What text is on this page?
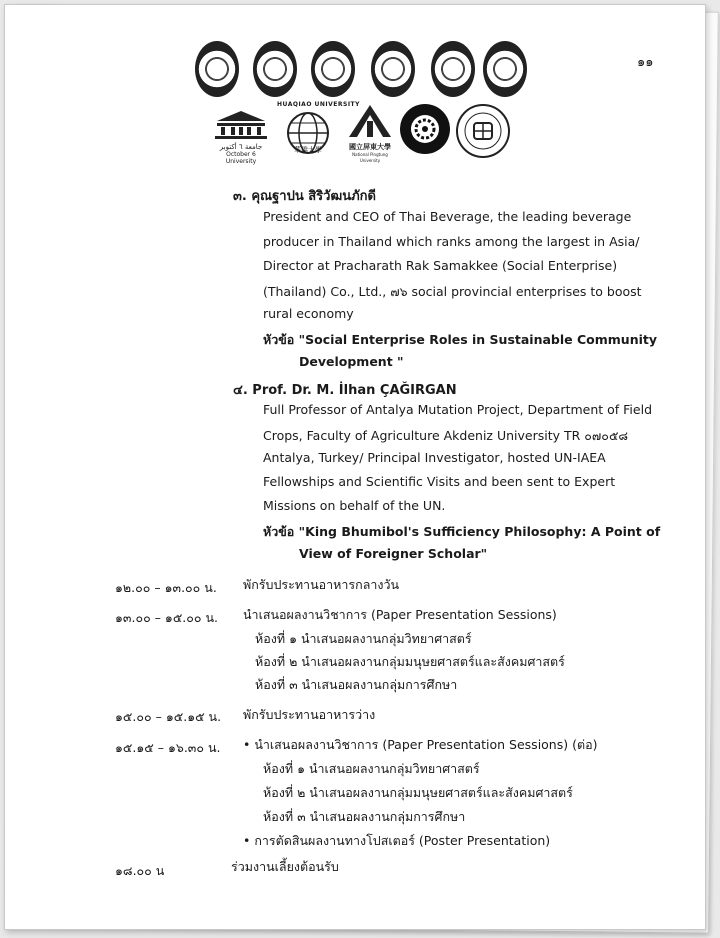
๑๑
جامعة ٦ أكتوبر
October 6 University
HUAQIAO UNIVERSITY
華僑大學	國立屏東大學
National Pingtung University
๓. คุณฐาปน สิริวัฒนภักดี
President and CEO of Thai Beverage, the leading beverage
producer in Thailand which ranks among the largest in Asia/
Director at Pracharath Rak Samakkee (Social Enterprise)
(Thailand) Co., Ltd., ๗๖ social provincial enterprises to boost
rural economy
หัวข้อ "Social Enterprise Roles in Sustainable Community
Development "
๔. Prof. Dr. M. İlhan ÇAĞIRGAN
Full Professor of Antalya Mutation Project, Department of Field
Crops, Faculty of Agriculture Akdeniz University TR ๐๗๐๕๘
Antalya, Turkey/ Principal Investigator, hosted UN-IAEA
Fellowships and Scientific Visits and been sent to Expert
Missions on behalf of the UN.
หัวข้อ "King Bhumibol's Sufficiency Philosophy: A Point of
View of Foreigner Scholar"
๑๒.๐๐ – ๑๓.๐๐ น. พักรับประทานอาหารกลางวัน
๑๓.๐๐ – ๑๕.๐๐ น. นำเสนอผลงานวิชาการ (Paper Presentation Sessions)
ห้องที่ ๑ นำเสนอผลงานกลุ่มวิทยาศาสตร์
ห้องที่ ๒ นำเสนอผลงานกลุ่มมนุษยศาสตร์และสังคมศาสตร์
ห้องที่ ๓ นำเสนอผลงานกลุ่มการศึกษา
๑๕.๐๐ – ๑๕.๑๕ น. พักรับประทานอาหารว่าง
๑๕.๑๕ – ๑๖.๓๐ น. • นำเสนอผลงานวิชาการ (Paper Presentation Sessions) (ต่อ)
ห้องที่ ๑ นำเสนอผลงานกลุ่มวิทยาศาสตร์
ห้องที่ ๒ นำเสนอผลงานกลุ่มมนุษยศาสตร์และสังคมศาสตร์
ห้องที่ ๓ นำเสนอผลงานกลุ่มการศึกษา
• การตัดสินผลงานทางโปสเตอร์ (Poster Presentation)
๑๘.๐๐ น	ร่วมงานเลี้ยงต้อนรับ
